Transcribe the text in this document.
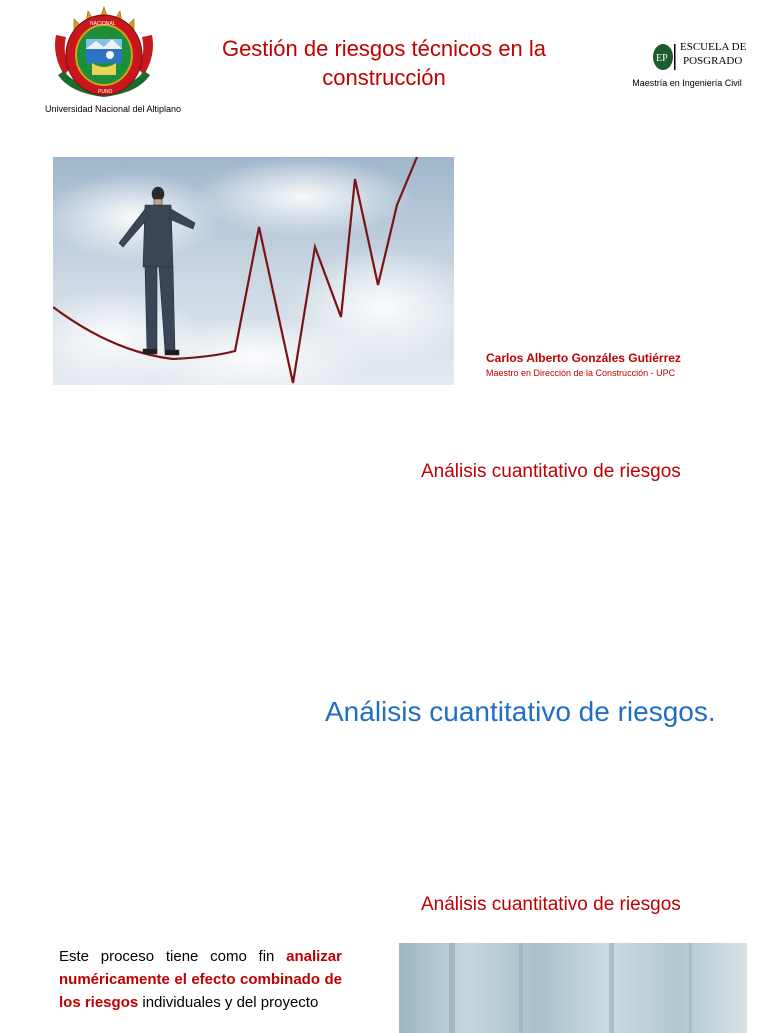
NACIONAL
PUNO
Universidad Nacional del Altiplano
Gestión de riesgos técnicos en la
construcción
EP
ESCUELA DE
POSGRADO
Maestría en Ingeniería Civil
Carlos Alberto Gonzáles Gutiérrez
Maestro en Dirección de la Construcción - UPC
Análisis cuantitativo de riesgos
Análisis cuantitativo de riesgos.
Análisis cuantitativo de riesgos
Este proceso tiene como fin analizar numéricamente el efecto combinado de los riesgos individuales y del proyecto
